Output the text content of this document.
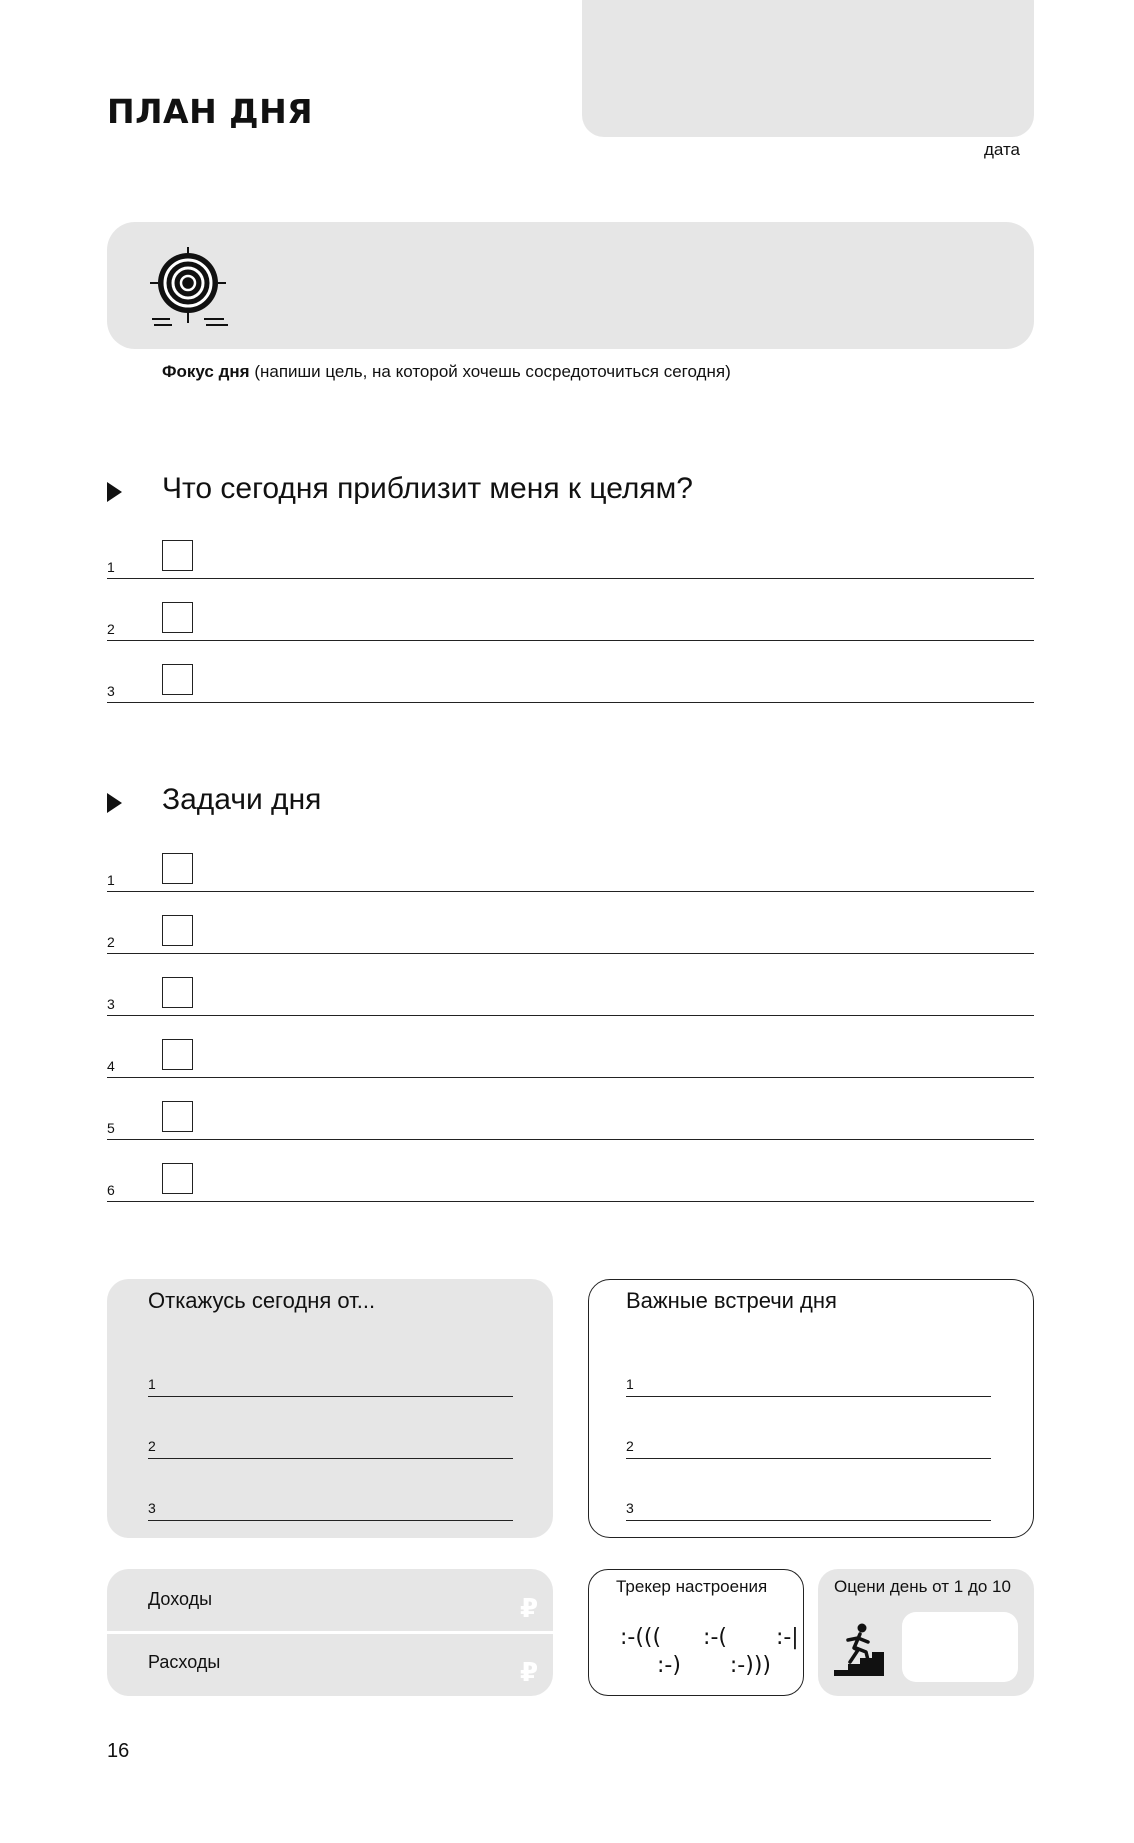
ПЛАН ДНЯ
дата
Фокус дня (напиши цель, на которой хочешь сосредоточиться сегодня)
Что сегодня приблизит меня к целям?
1
2
3
Задачи дня
1
2
3
4
5
6
Откажусь сегодня от...
1
2
3
Важные встречи дня
1
2
3
Доходы	₽
Расходы	₽
Трекер настроения
:-(((      :-(       :-|
:-)       :-)))
Оцени день от 1 до 10
16
